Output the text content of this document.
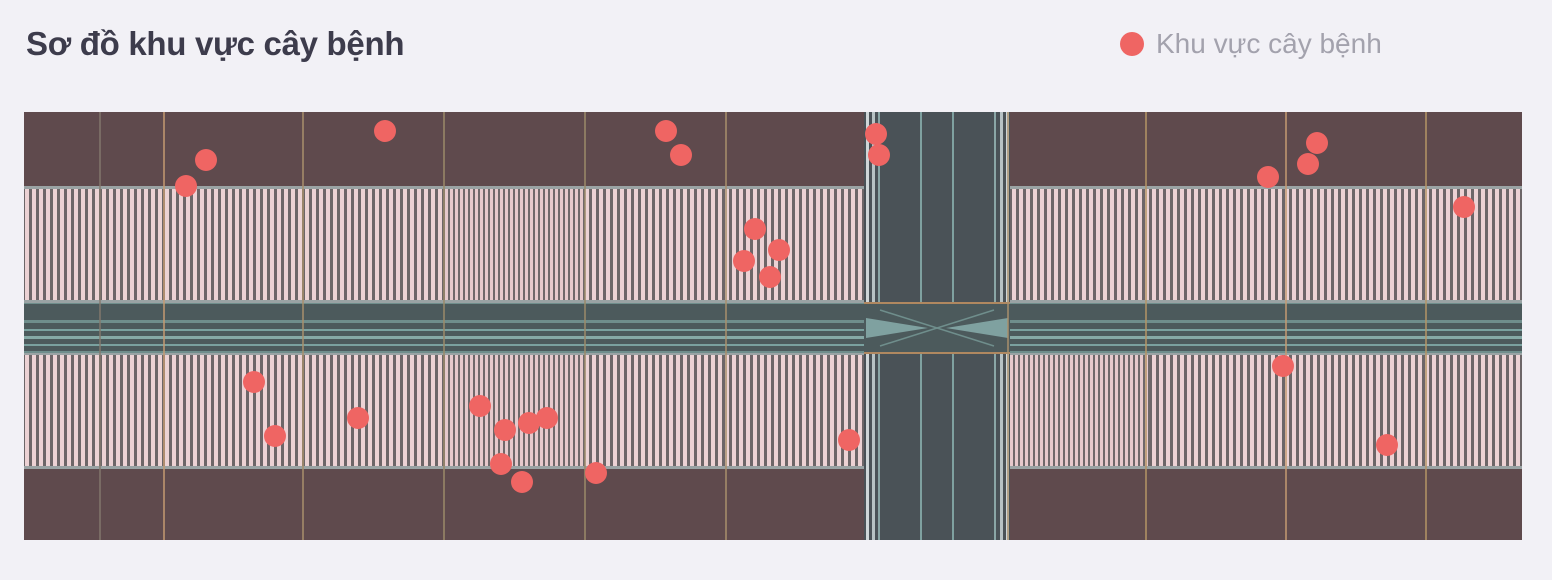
Sơ đồ khu vực cây bệnh	Khu vực cây bệnh
